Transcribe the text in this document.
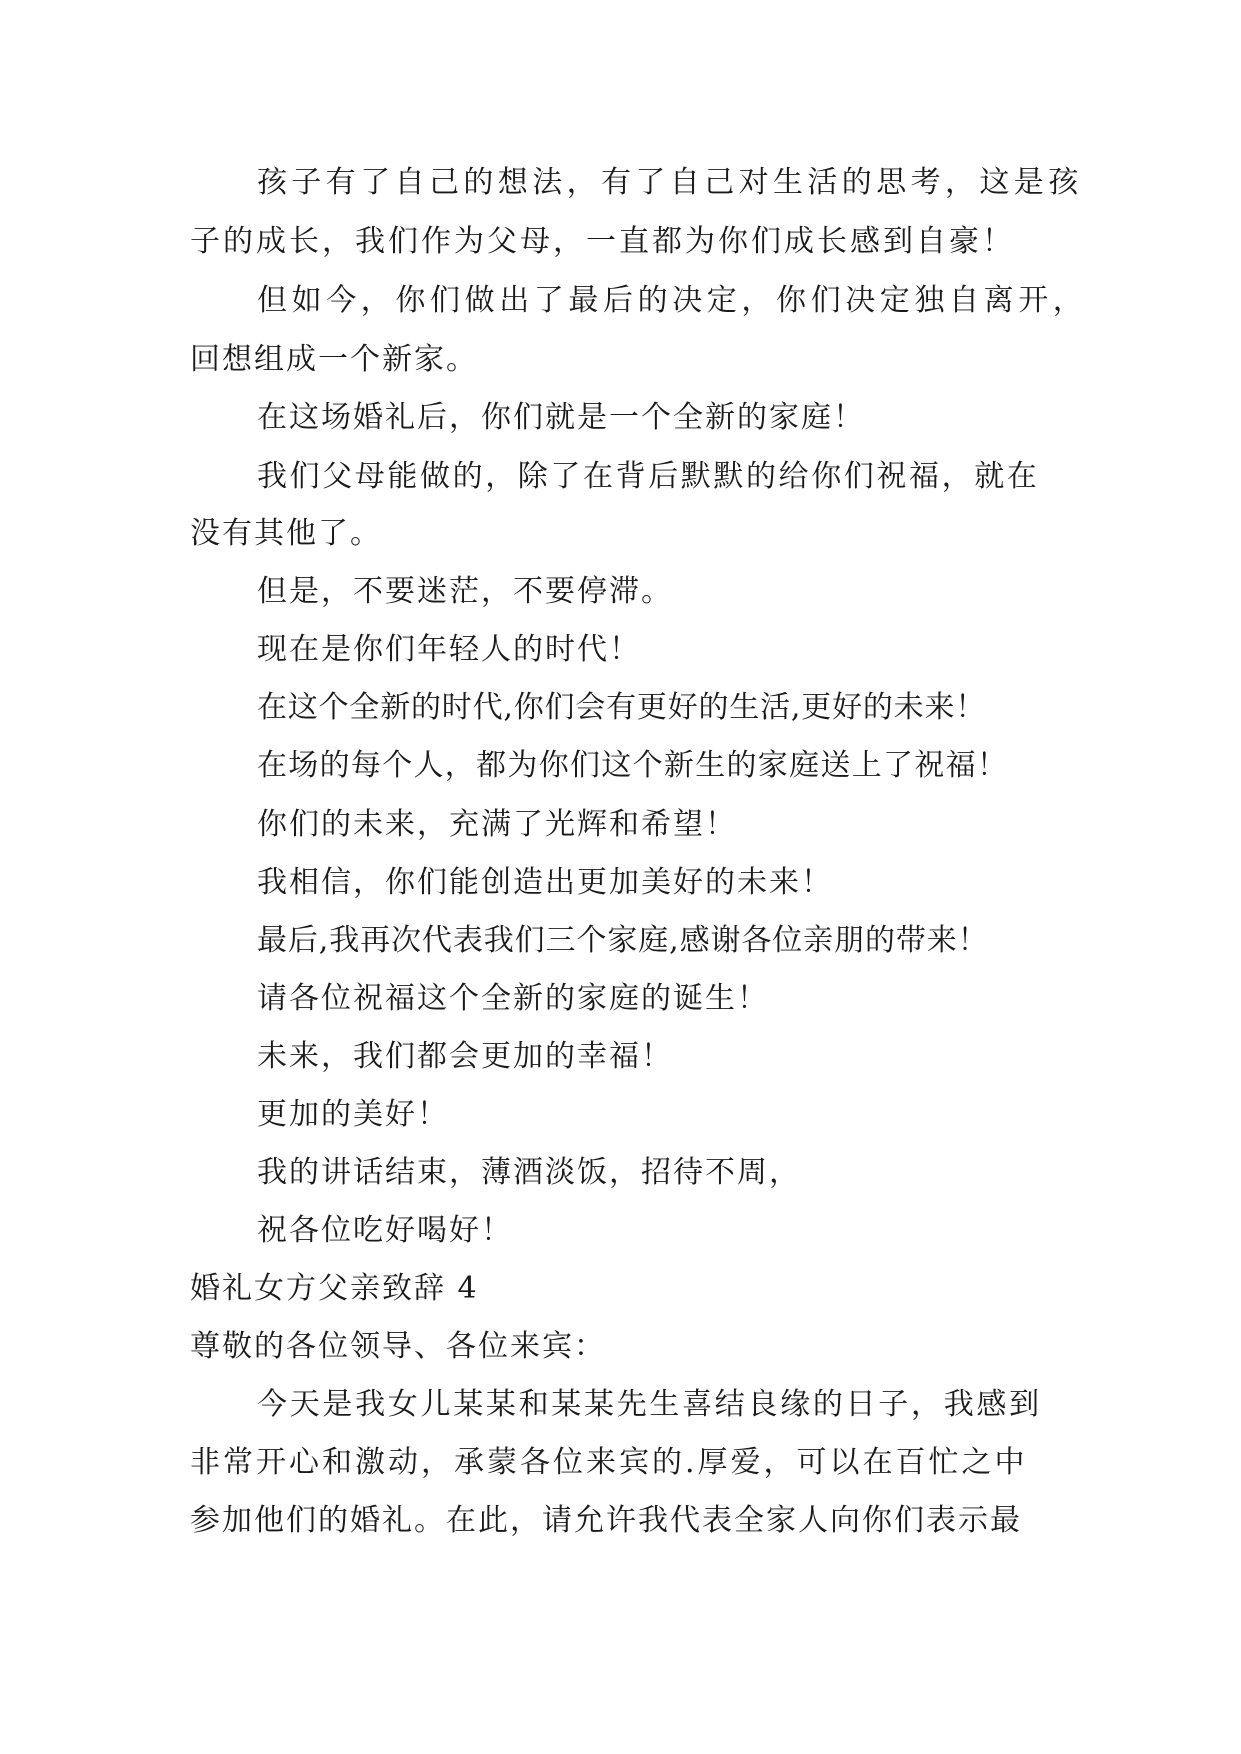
孩子有了自己的想法，有了自己对生活的思考，这是孩
子的成长，我们作为父母，一直都为你们成长感到自豪！
但如今，你们做出了最后的决定，你们决定独自离开，
回想组成一个新家。
在这场婚礼后，你们就是一个全新的家庭！
我们父母能做的，除了在背后默默的给你们祝福，就在
没有其他了。
但是，不要迷茫，不要停滞。
现在是你们年轻人的时代！
在这个全新的时代,你们会有更好的生活,更好的未来！
在场的每个人，都为你们这个新生的家庭送上了祝福！
你们的未来，充满了光辉和希望！
我相信，你们能创造出更加美好的未来！
最后,我再次代表我们三个家庭,感谢各位亲朋的带来！
请各位祝福这个全新的家庭的诞生！
未来，我们都会更加的幸福！
更加的美好！
我的讲话结束，薄酒淡饭，招待不周，
祝各位吃好喝好！
婚礼女方父亲致辞 4
尊敬的各位领导、各位来宾：
今天是我女儿某某和某某先生喜结良缘的日子，我感到
非常开心和激动，承蒙各位来宾的.厚爱，可以在百忙之中
参加他们的婚礼。在此，请允许我代表全家人向你们表示最
